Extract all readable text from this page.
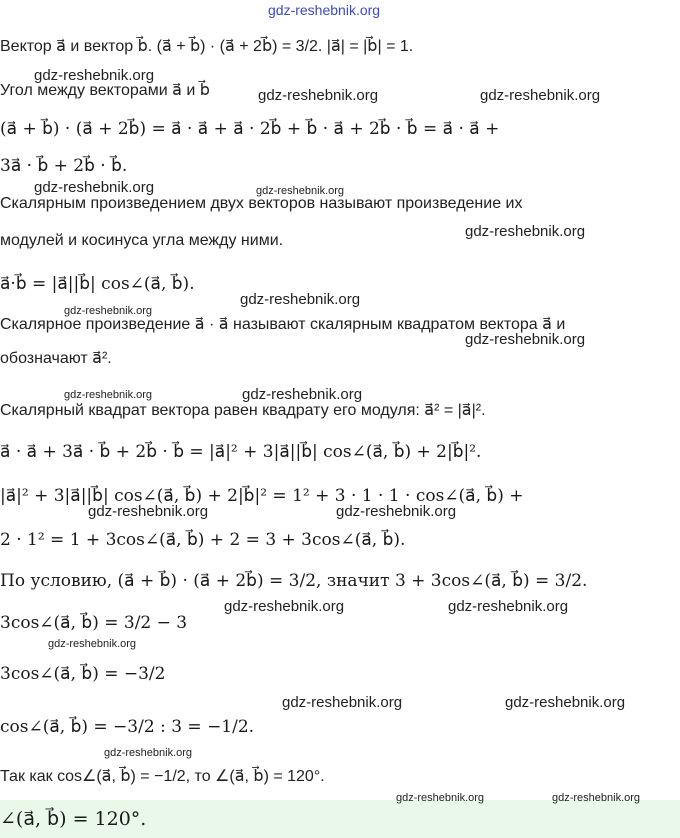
gdz-reshebnik.org
Вектор a⃗ и вектор b⃗. (a⃗ + b⃗) · (a⃗ + 2b⃗) = 3/2. |a⃗| = |b⃗| = 1.
gdz-reshebnik.org
Угол между векторами a⃗ и b⃗	gdz-reshebnik.org	gdz-reshebnik.org
(a⃗ + b⃗) · (a⃗ + 2b⃗) = a⃗ · a⃗ + a⃗ · 2b⃗ + b⃗ · a⃗ + 2b⃗ · b⃗ = a⃗ · a⃗ +
3a⃗ · b⃗ + 2b⃗ · b⃗.
gdz-reshebnik.org	gdz-reshebnik.org
Скалярным произведением двух векторов называют произведение их
gdz-reshebnik.org
модулей и косинуса угла между ними.
a⃗·b⃗ = |a⃗||b⃗| cos∠(a⃗, b⃗).
gdz-reshebnik.org
gdz-reshebnik.org
Скалярное произведение a⃗ · a⃗ называют скалярным квадратом вектора a⃗ и
gdz-reshebnik.org
обозначают a⃗².
gdz-reshebnik.org	gdz-reshebnik.org
Скалярный квадрат вектора равен квадрату его модуля: a⃗² = |a⃗|².
a⃗ · a⃗ + 3a⃗ · b⃗ + 2b⃗ · b⃗ = |a⃗|² + 3|a⃗||b⃗| cos∠(a⃗, b⃗) + 2|b⃗|².
|a⃗|² + 3|a⃗||b⃗| cos∠(a⃗, b⃗) + 2|b⃗|² = 1² + 3 · 1 · 1 · cos∠(a⃗, b⃗) +
gdz-reshebnik.org	gdz-reshebnik.org
2 · 1² = 1 + 3cos∠(a⃗, b⃗) + 2 = 3 + 3cos∠(a⃗, b⃗).
По условию, (a⃗ + b⃗) · (a⃗ + 2b⃗) = 3/2, значит 3 + 3cos∠(a⃗, b⃗) = 3/2.
gdz-reshebnik.org	gdz-reshebnik.org
3cos∠(a⃗, b⃗) = 3/2 − 3
gdz-reshebnik.org
3cos∠(a⃗, b⃗) = −3/2
gdz-reshebnik.org	gdz-reshebnik.org
cos∠(a⃗, b⃗) = −3/2 : 3 = −1/2.
gdz-reshebnik.org
Так как cos∠(a⃗, b⃗) = −1/2, то ∠(a⃗, b⃗) = 120°.
∠(a⃗, b⃗) = 120°.
gdz-reshebnik.org	gdz-reshebnik.org
